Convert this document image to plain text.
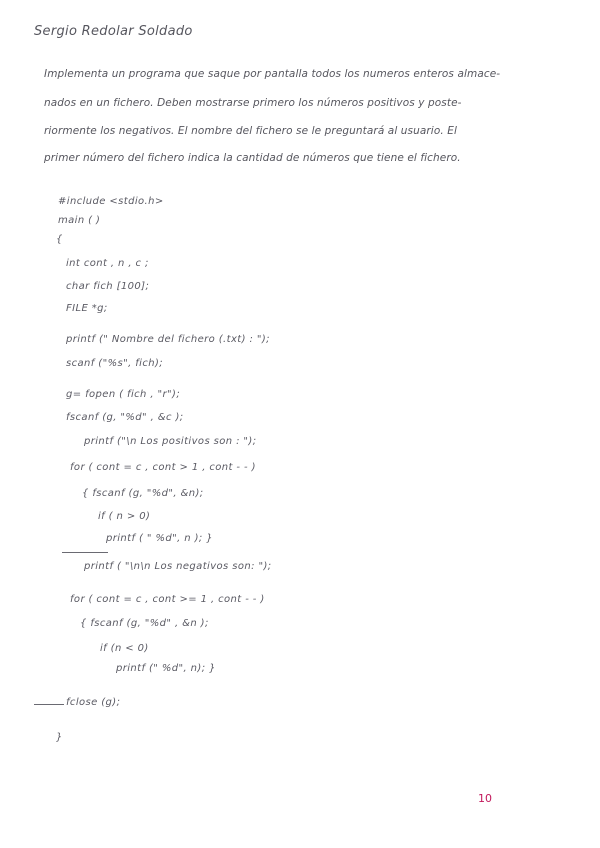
Sergio Redolar Soldado
Implementa un programa que saque por pantalla todos los numeros enteros almace-
nados en un fichero. Deben mostrarse primero los números positivos y poste-
riormente los negativos. El nombre del fichero se le preguntará al usuario. El
primer número del fichero indica la cantidad de números que tiene el fichero.
#include <stdio.h>
main ( )
{
int cont , n , c ;
char fich [100];
FILE *g;
printf (" Nombre del fichero (.txt) : ");
scanf ("%s", fich);
g= fopen ( fich , "r");
fscanf (g, "%d" , &c );
printf ("\n Los positivos son : ");
for ( cont = c , cont > 1 , cont - - )
{ fscanf (g, "%d", &n);
if ( n > 0)
printf ( " %d", n ); }
printf ( "\n\n Los negativos son: ");
for ( cont = c , cont >= 1 , cont - - )
{ fscanf (g, "%d" , &n );
if (n < 0)
printf (" %d", n); }
fclose (g);
}
10
